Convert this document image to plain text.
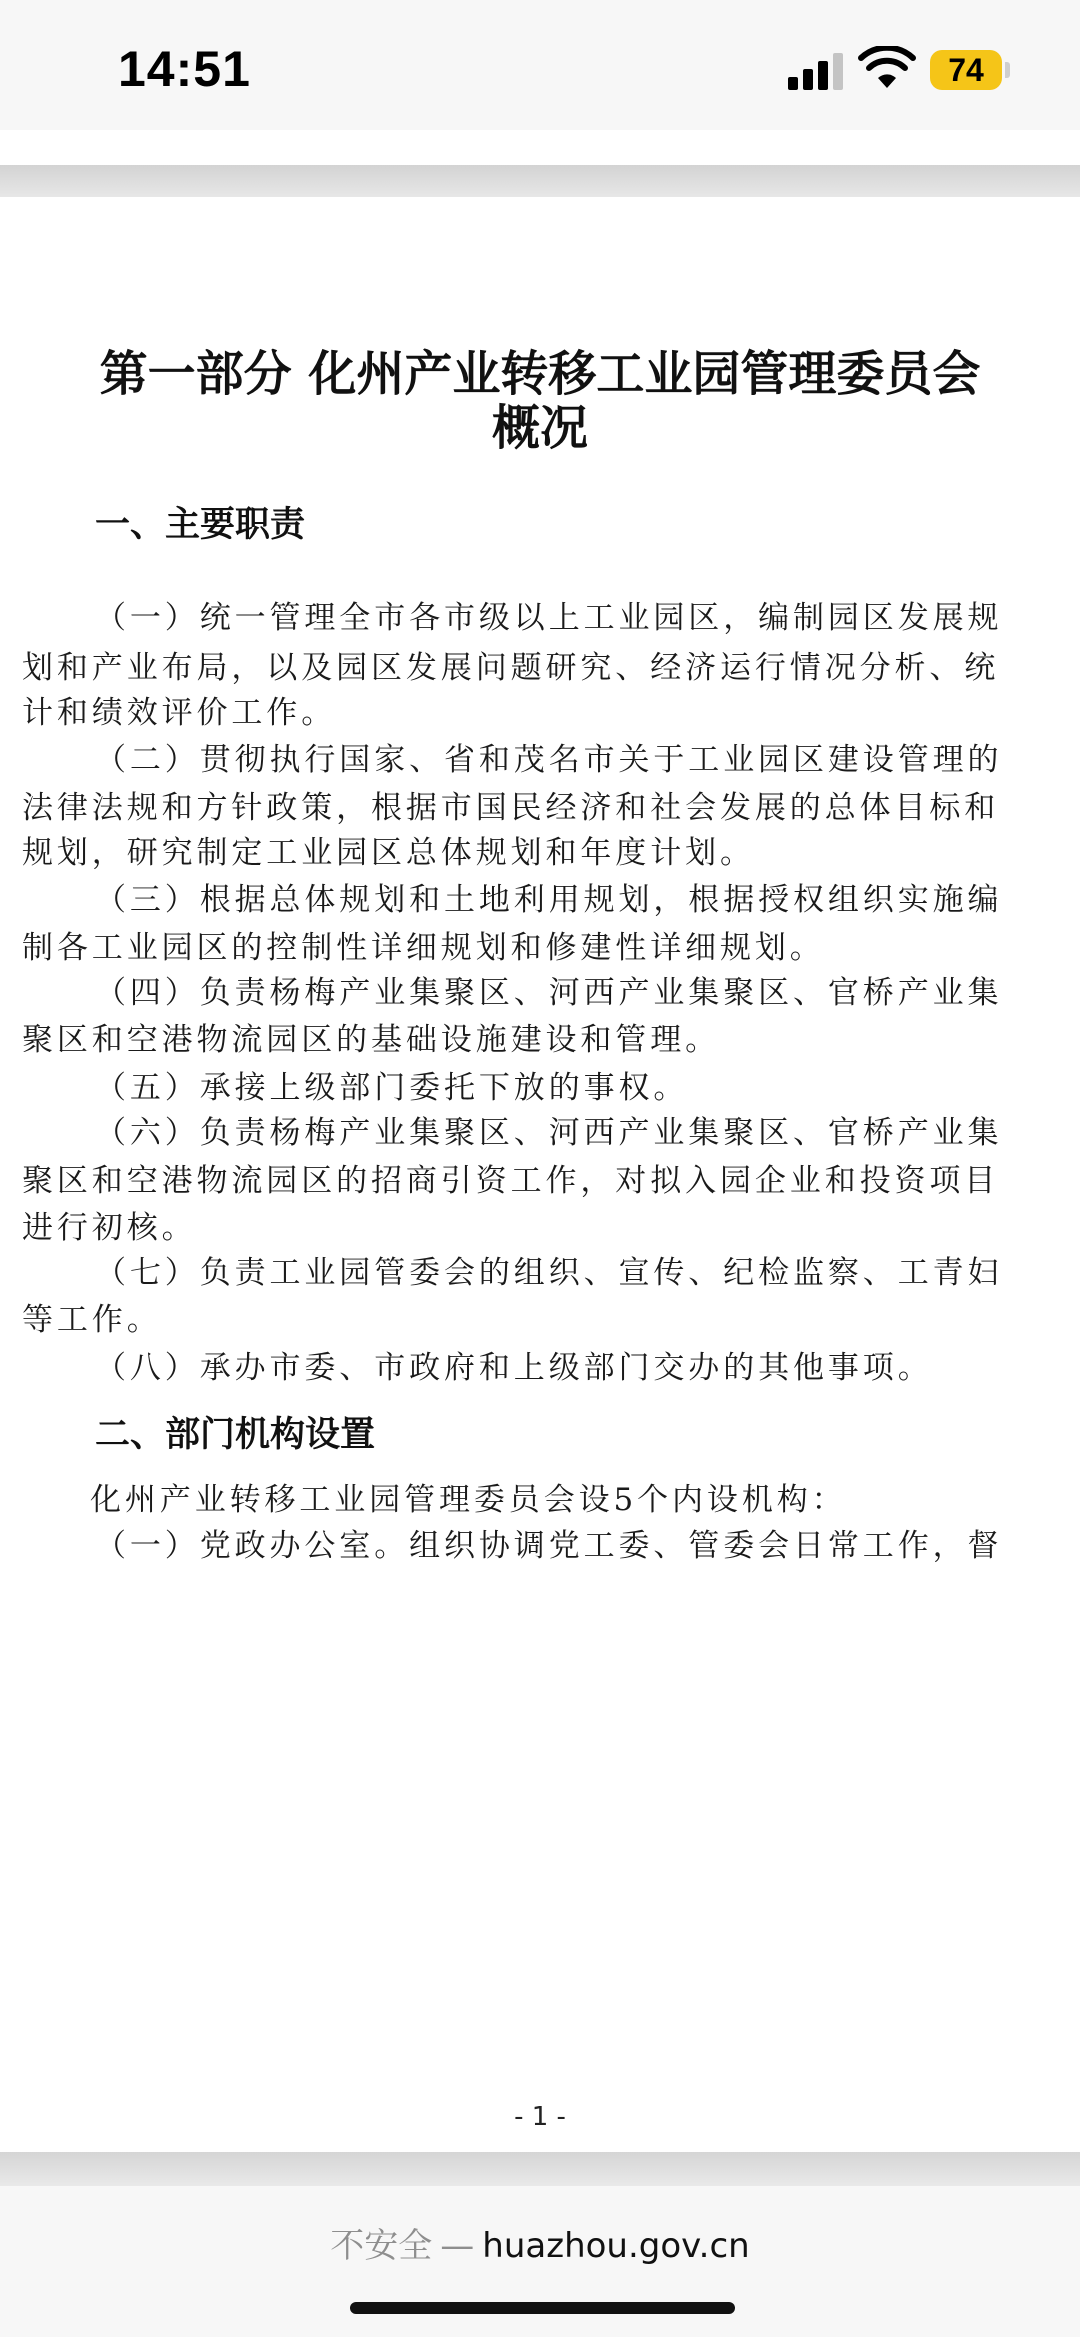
14:51	74
第一部分 化州产业转移工业园管理委员会
概况
一、主要职责
（一）统一管理全市各市级以上工业园区，编制园区发展规
划和产业布局，以及园区发展问题研究、经济运行情况分析、统
计和绩效评价工作。
（二）贯彻执行国家、省和茂名市关于工业园区建设管理的
法律法规和方针政策，根据市国民经济和社会发展的总体目标和
规划，研究制定工业园区总体规划和年度计划。
（三）根据总体规划和土地利用规划，根据授权组织实施编
制各工业园区的控制性详细规划和修建性详细规划。
（四）负责杨梅产业集聚区、河西产业集聚区、官桥产业集
聚区和空港物流园区的基础设施建设和管理。
（五）承接上级部门委托下放的事权。
（六）负责杨梅产业集聚区、河西产业集聚区、官桥产业集
聚区和空港物流园区的招商引资工作，对拟入园企业和投资项目
进行初核。
（七）负责工业园管委会的组织、宣传、纪检监察、工青妇
等工作。
（八）承办市委、市政府和上级部门交办的其他事项。
二、部门机构设置
化州产业转移工业园管理委员会设5个内设机构：
（一）党政办公室。组织协调党工委、管委会日常工作，督
- 1 -
不安全 — huazhou.gov.cn
